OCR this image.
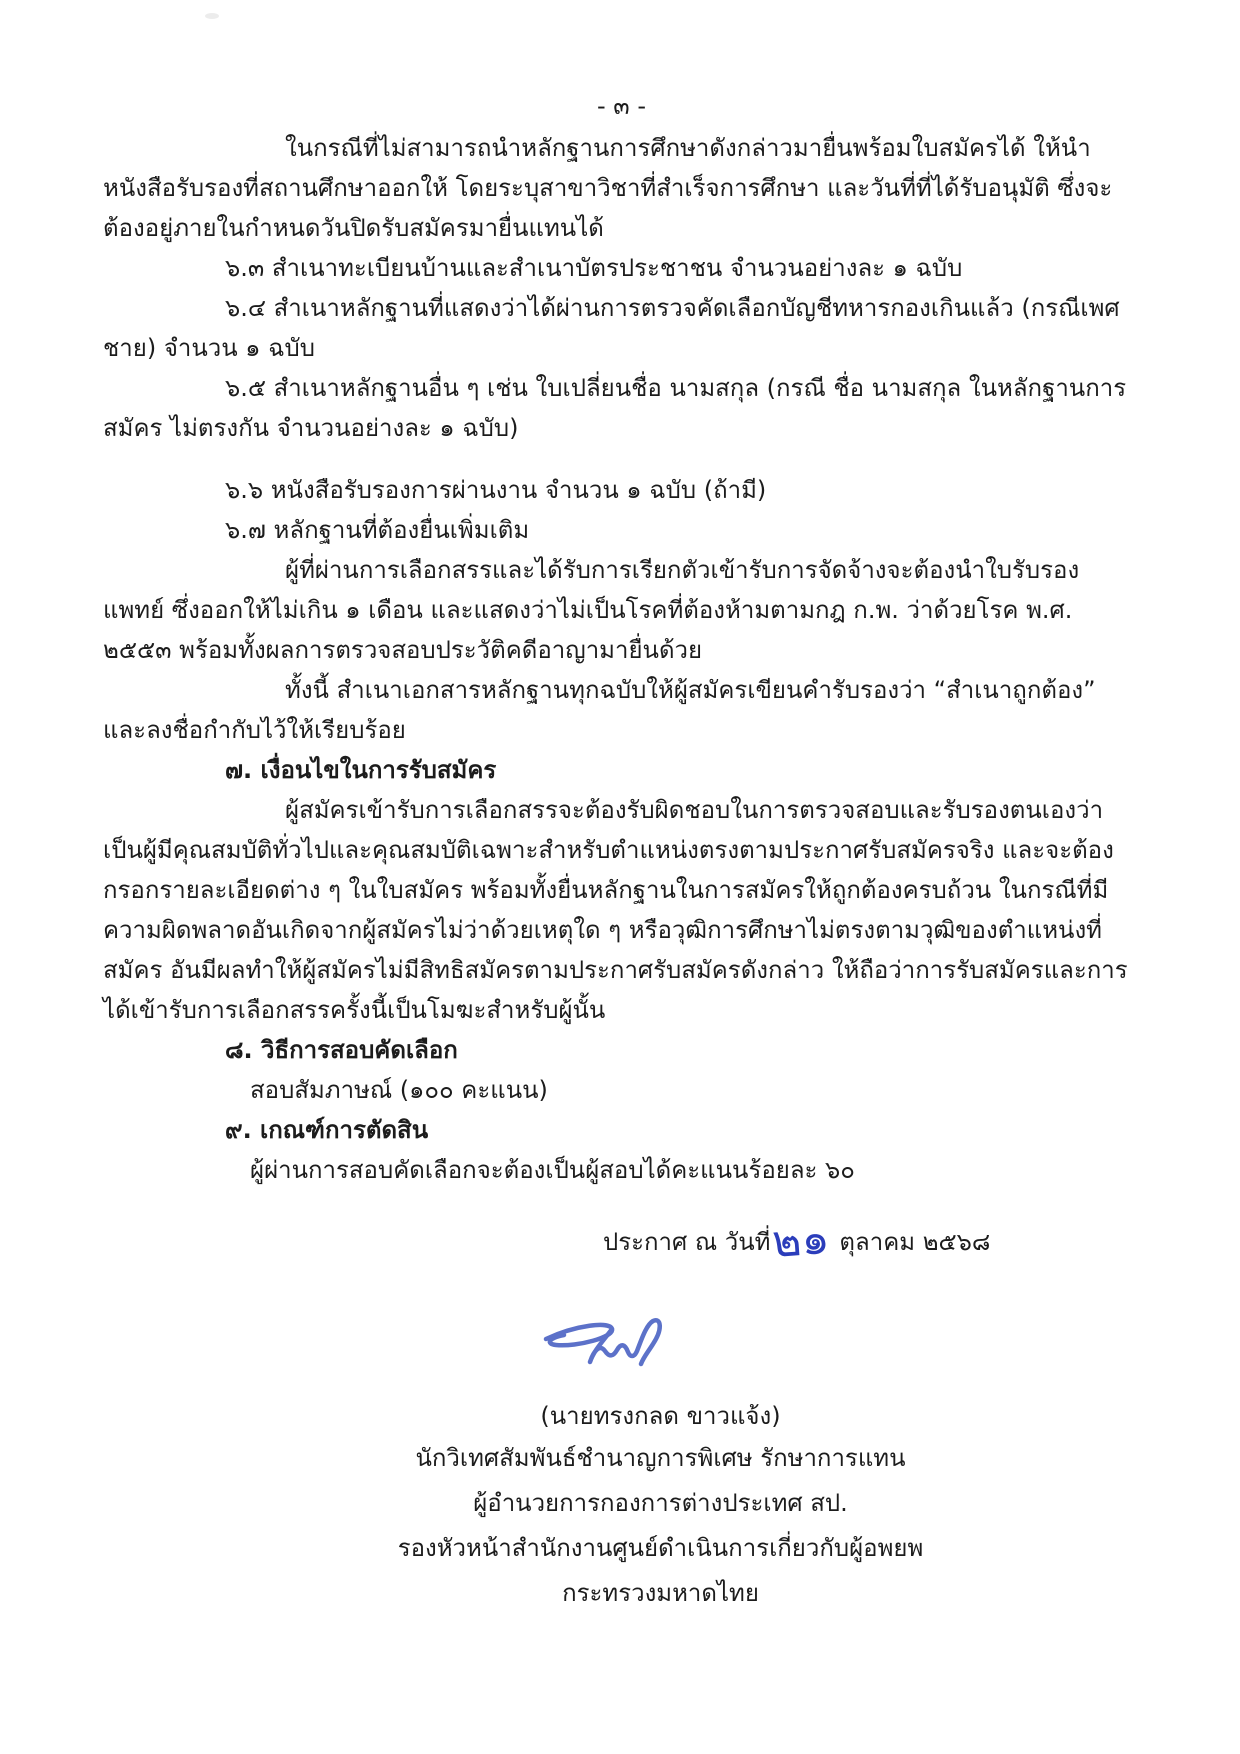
- ๓ -

ในกรณีที่ไม่สามารถนำหลักฐานการศึกษาดังกล่าวมายื่นพร้อมใบสมัครได้ ให้นำหนังสือรับรองที่สถานศึกษาออกให้ โดยระบุสาขาวิชาที่สำเร็จการศึกษา และวันที่ที่ได้รับอนุมัติ ซึ่งจะต้องอยู่ภายในกำหนดวันปิดรับสมัครมายื่นแทนได้

๖.๓ สำเนาทะเบียนบ้านและสำเนาบัตรประชาชน จำนวนอย่างละ ๑ ฉบับ

๖.๔ สำเนาหลักฐานที่แสดงว่าได้ผ่านการตรวจคัดเลือกบัญชีทหารกองเกินแล้ว (กรณีเพศชาย) จำนวน ๑ ฉบับ

๖.๕ สำเนาหลักฐานอื่น ๆ เช่น ใบเปลี่ยนชื่อ นามสกุล (กรณี ชื่อ นามสกุล ในหลักฐานการสมัคร ไม่ตรงกัน จำนวนอย่างละ ๑ ฉบับ)

๖.๖ หนังสือรับรองการผ่านงาน จำนวน ๑ ฉบับ (ถ้ามี)

๖.๗ หลักฐานที่ต้องยื่นเพิ่มเติม

ผู้ที่ผ่านการเลือกสรรและได้รับการเรียกตัวเข้ารับการจัดจ้างจะต้องนำใบรับรองแพทย์ ซึ่งออกให้ไม่เกิน ๑ เดือน และแสดงว่าไม่เป็นโรคที่ต้องห้ามตามกฎ ก.พ. ว่าด้วยโรค พ.ศ. ๒๕๕๓ พร้อมทั้งผลการตรวจสอบประวัติคดีอาญามายื่นด้วย

ทั้งนี้ สำเนาเอกสารหลักฐานทุกฉบับให้ผู้สมัครเขียนคำรับรองว่า “สำเนาถูกต้อง” และลงชื่อกำกับไว้ให้เรียบร้อย

๗. เงื่อนไขในการรับสมัคร

ผู้สมัครเข้ารับการเลือกสรรจะต้องรับผิดชอบในการตรวจสอบและรับรองตนเองว่าเป็นผู้มีคุณสมบัติทั่วไปและคุณสมบัติเฉพาะสำหรับตำแหน่งตรงตามประกาศรับสมัครจริง และจะต้องกรอกรายละเอียดต่าง ๆ ในใบสมัคร พร้อมทั้งยื่นหลักฐานในการสมัครให้ถูกต้องครบถ้วน ในกรณีที่มีความผิดพลาดอันเกิดจากผู้สมัครไม่ว่าด้วยเหตุใด ๆ หรือวุฒิการศึกษาไม่ตรงตามวุฒิของตำแหน่งที่สมัคร อันมีผลทำให้ผู้สมัครไม่มีสิทธิสมัครตามประกาศรับสมัครดังกล่าว ให้ถือว่าการรับสมัครและการได้เข้ารับการเลือกสรรครั้งนี้เป็นโมฆะสำหรับผู้นั้น

๘. วิธีการสอบคัดเลือก

สอบสัมภาษณ์ (๑๐๐ คะแนน)

๙. เกณฑ์การตัดสิน

ผู้ผ่านการสอบคัดเลือกจะต้องเป็นผู้สอบได้คะแนนร้อยละ ๖๐

ประกาศ ณ วันที่๒๑ ตุลาคม ๒๕๖๘
(นายทรงกลด ขาวแจ้ง)
นักวิเทศสัมพันธ์ชำนาญการพิเศษ รักษาการแทน
ผู้อำนวยการกองการต่างประเทศ สป.
รองหัวหน้าสำนักงานศูนย์ดำเนินการเกี่ยวกับผู้อพยพ
กระทรวงมหาดไทย
